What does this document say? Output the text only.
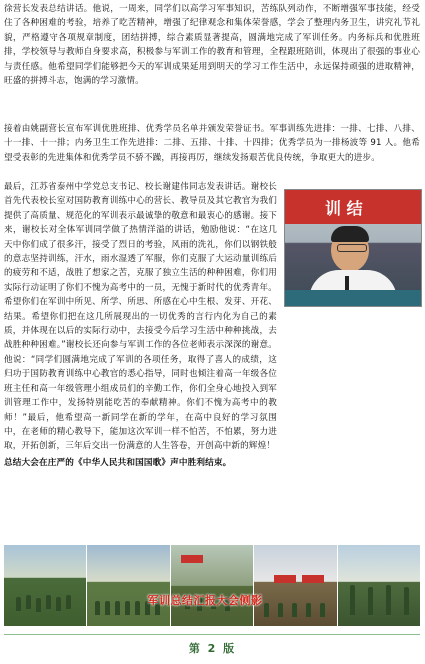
徐营长发表总结讲话。他说，一周来，同学们以高学习军事知识，苦练队列动作，不断增强军事技能，经受住了各种困难的考验，培养了吃苦精神，增强了纪律观念和集体荣誉感，学会了整理内务卫生，讲究礼节礼貌，严格遵守各项规章制度，团结拼搏，综合素质显著提高，圆满地完成了军训任务。内务标兵和优胜班排，学校领导与教师自身要求高，积极参与军训工作的教育和管理，全程跟班陪训，体现出了很强的事业心与责任感。他希望同学们能够把今天的军训成果延用到明天的学习工作生活中，永远保持顽强的进取精神，旺盛的拼搏斗志，饱满的学习激情。

接着由姚副营长宣布军训优胜班排、优秀学员名单并颁发荣誉证书。军事训练先进排：一排、七排、八排、十一排、十一排；内务卫生工作先进排：二排、五排、十排、十四排；优秀学员为一排杨波等 91 人。他希望受表彰的先进集体和优秀学员不骄不躁，再接再厉，继续发扬艰苦优良传统，争取更大的进步。

训 结

最后，江苏省泰州中学党总支书记、校长谢建伟同志发表讲话。谢校长首先代表校长室对国防教育训练中心的营长、教导员及其它教官为我们提供了高质量、规范化的军训表示最诚挚的敬意和最衷心的感谢。接下来，谢校长对全体军训同学做了热情洋溢的讲话，勉励他说：“在这几天中你们成了很多汗，接受了烈日的考验，风雨的洗礼，你们以钢铁般的意志坚持训练，汗水，雨水湿透了军服，你们克服了大运动量训练后的疲劳和不适，战胜了想家之苦，克服了独立生活的种种困难，你们用实际行动证明了你们不愧为高考中的一员，无愧于新时代的优秀青年。希望你们在军训中所见、所学、所思、所感在心中生根、发芽、开花、结果。希望你们把在这几所展现出的一切优秀的言行内化为自己的素质，并体现在以后的实际行动中，去接受今后学习生活中种种挑战，去战胜种种困难。”谢校长还向参与军训工作的各位老师表示深深的谢意。他说：“同学们圆满地完成了军训的各项任务，取得了喜人的成绩，这归功于国防教育训练中心教官的悉心指导，同时也倾注着高一年级各位班主任和高一年级管理小组成员们的辛勤工作，你们全身心地投入到军训管理工作中，发扬特别能吃苦的奉献精神。你们不愧为高考中的教师！”最后，他希望高一新同学在新的学年，在高中良好的学习氛围中，在老师的精心教导下，能加这次军训一样不怕苦，不怕累，努力进取，开拓创新，三年后交出一份满意的人生答卷，开创高中新的辉煌！

总结大会在庄严的《中华人民共和国国歌》声中胜利结束。

军训总结汇报大会侧影
第 2 版
